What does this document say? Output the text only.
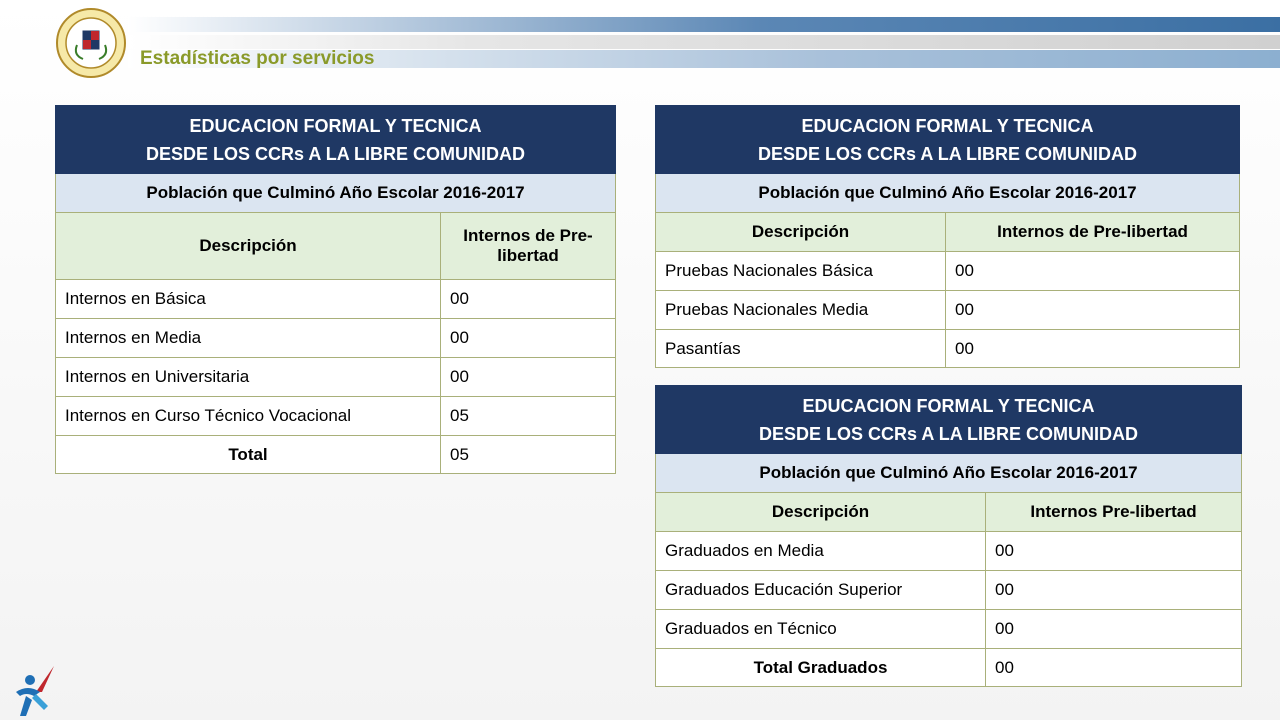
Estadísticas por servicios
EDUCACION FORMAL Y TECNICA
DESDE LOS CCRs A LA LIBRE COMUNIDAD	

Población que Culminó Año Escolar 2016-2017	
Descripción	Internos de Pre-libertad
Internos en Básica	00
Internos en Media	00
Internos en Universitaria	00
Internos en Curso Técnico Vocacional	05
Total	05
EDUCACION FORMAL Y TECNICA
DESDE LOS CCRs A LA LIBRE COMUNIDAD	

Población que Culminó Año Escolar 2016-2017	
Descripción	Internos de Pre-libertad
Pruebas Nacionales Básica	00
Pruebas Nacionales Media	00
Pasantías	00
EDUCACION FORMAL Y TECNICA
DESDE LOS CCRs A LA LIBRE COMUNIDAD	

Población que Culminó Año Escolar 2016-2017	
Descripción	Internos Pre-libertad
Graduados en Media	00
Graduados Educación Superior	00
Graduados en Técnico	00
Total Graduados	00
